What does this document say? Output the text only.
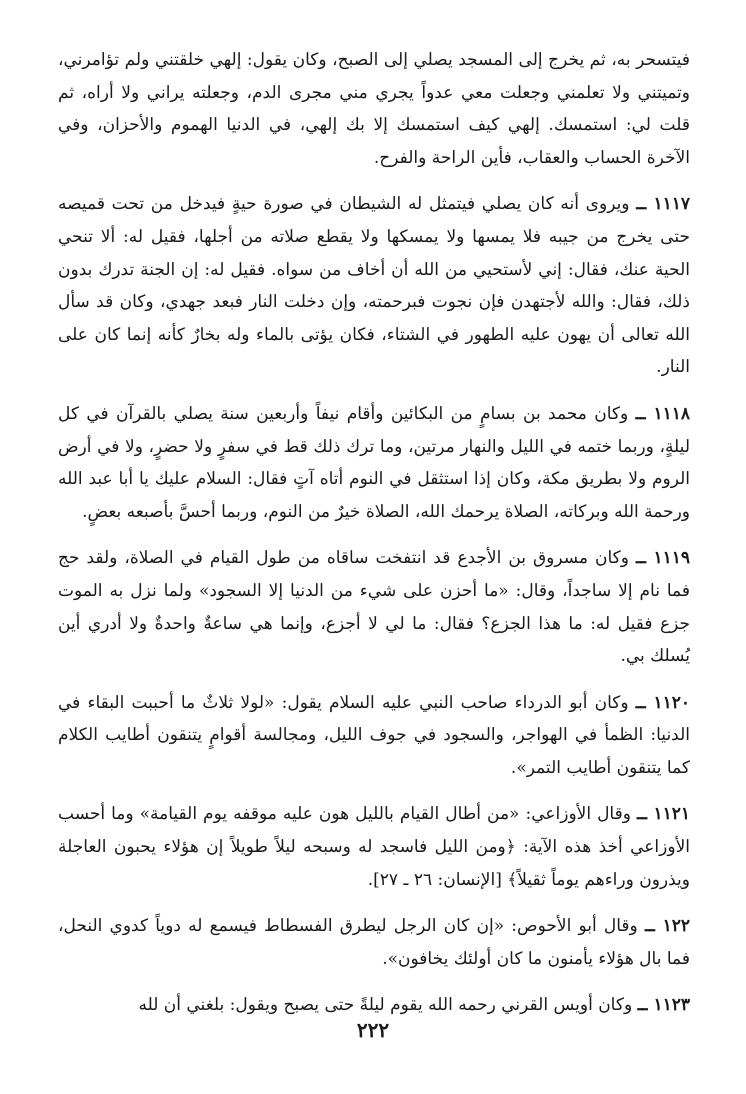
فيتسحر به، ثم يخرج إلى المسجد يصلي إلى الصبح، وكان يقول: إلهي خلقتني ولم تؤامرني، وتميتني ولا تعلمني وجعلت معي عدواً يجري مني مجرى الدم، وجعلته يراني ولا أراه، ثم قلت لي: استمسك. إلهي كيف استمسك إلا بك إلهي، في الدنيا الهموم والأحزان، وفي الآخرة الحساب والعقاب، فأين الراحة والفرح.

١١١٧ ــ ويروى أنه كان يصلي فيتمثل له الشيطان في صورة حيةٍ فيدخل من تحت قميصه حتى يخرج من جيبه فلا يمسها ولا يمسكها ولا يقطع صلاته من أجلها، فقيل له: ألا تنحي الحية عنك، فقال: إني لأستحيي من الله أن أخاف من سواه. فقيل له: إن الجنة تدرك بدون ذلك، فقال: والله لأجتهدن فإن نجوت فبرحمته، وإن دخلت النار فبعد جهدي، وكان قد سأل الله تعالى أن يهون عليه الطهور في الشتاء، فكان يؤتى بالماء وله بخارٌ كأنه إنما كان على النار.

١١١٨ ــ وكان محمد بن بسامٍ من البكائين وأقام نيفاً وأربعين سنة يصلي بالقرآن في كل ليلةٍ، وربما ختمه في الليل والنهار مرتين، وما ترك ذلك قط في سفرٍ ولا حضرٍ، ولا في أرض الروم ولا بطريق مكة، وكان إذا استثقل في النوم أتاه آتٍ فقال: السلام عليك يا أبا عبد الله ورحمة الله وبركاته، الصلاة يرحمك الله، الصلاة خيرٌ من النوم، وربما أحسَّ بأصبعه بعضٍ.

١١١٩ ــ وكان مسروق بن الأجدع قد انتفخت ساقاه من طول القيام في الصلاة، ولقد حج فما نام إلا ساجداً، وقال: «ما أحزن على شيء من الدنيا إلا السجود» ولما نزل به الموت جزع فقيل له: ما هذا الجزع؟ فقال: ما لي لا أجزع، وإنما هي ساعةٌ واحدةٌ ولا أدري أين يُسلك بي.

١١٢٠ ــ وكان أبو الدرداء صاحب النبي عليه السلام يقول: «لولا ثلاثٌ ما أحببت البقاء في الدنيا: الظمأ في الهواجر، والسجود في جوف الليل، ومجالسة أقوامٍ يتنقون أطايب الكلام كما يتنقون أطايب التمر».

١١٢١ ــ وقال الأوزاعي: «من أطال القيام بالليل هون عليه موقفه يوم القيامة» وما أحسب الأوزاعي أخذ هذه الآية: ﴿ومن الليل فاسجد له وسبحه ليلاً طويلاً إن هؤلاء يحبون العاجلة ويذرون وراءهم يوماً ثقيلاً﴾ [الإنسان: ٢٦ ـ ٢٧].

١٢٢ ــ وقال أبو الأحوص: «إن كان الرجل ليطرق الفسطاط فيسمع له دوياً كدوي النحل، فما بال هؤلاء يأمنون ما كان أولئك يخافون».

١١٢٣ ــ وكان أويس القرني رحمه الله يقوم ليلةً حتى يصبح ويقول: بلغني أن لله

٢٢٢
